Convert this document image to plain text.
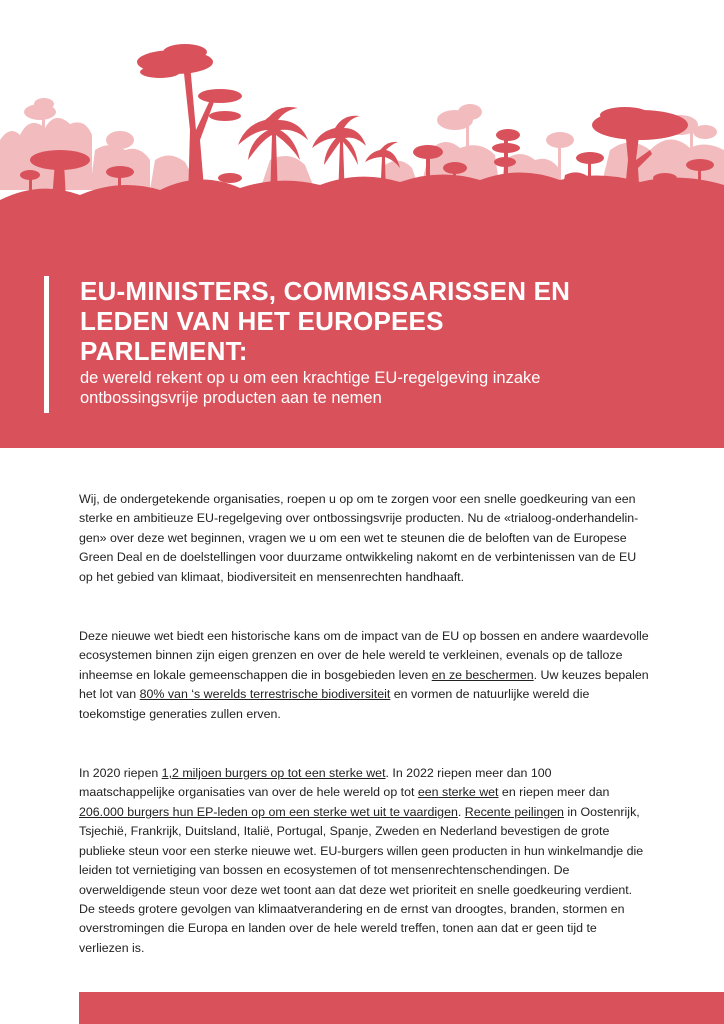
EU-MINISTERS, COMMISSARISSEN EN LEDEN VAN HET EUROPEES PARLEMENT:

de wereld rekent op u om een krachtige EU-regelgeving inzake ontbossingsvrije producten aan te nemen

Wij, de ondergetekende organisaties, roepen u op om te zorgen voor een snelle goedkeuring van een sterke en ambitieuze EU-regelgeving over ontbossingsvrije producten. Nu de «trialoog-onderhandelin-gen» over deze wet beginnen, vragen we u om een wet te steunen die de beloften van de Europese Green Deal en de doelstellingen voor duurzame ontwikkeling nakomt en de verbintenissen van de EU op het gebied van klimaat, biodiversiteit en mensenrechten handhaaft.

Deze nieuwe wet biedt een historische kans om de impact van de EU op bossen en andere waardevolle ecosystemen binnen zijn eigen grenzen en over de hele wereld te verkleinen, evenals op de talloze inheemse en lokale gemeenschappen die in bosgebieden leven en ze beschermen. Uw keuzes bepalen het lot van 80% van ‘s werelds terrestrische biodiversiteit en vormen de natuurlijke wereld die toekomstige generaties zullen erven.

In 2020 riepen 1,2 miljoen burgers op tot een sterke wet. In 2022 riepen meer dan 100 maatschappelijke organisaties van over de hele wereld op tot een sterke wet en riepen meer dan 206.000 burgers hun EP-leden op om een sterke wet uit te vaardigen. Recente peilingen in Oostenrijk, Tsjechië, Frankrijk, Duitsland, Italië, Portugal, Spanje, Zweden en Nederland bevestigen de grote publieke steun voor een sterke nieuwe wet. EU-burgers willen geen producten in hun winkelmandje die leiden tot vernietiging van bossen en ecosystemen of tot mensenrechtenschendingen. De overweldigende steun voor deze wet toont aan dat deze wet prioriteit en snelle goedkeuring verdient. De steeds grotere gevolgen van klimaatverandering en de ernst van droogtes, branden, stormen en overstromingen die Europa en landen over de hele wereld treffen, tonen aan dat er geen tijd te verliezen is.
